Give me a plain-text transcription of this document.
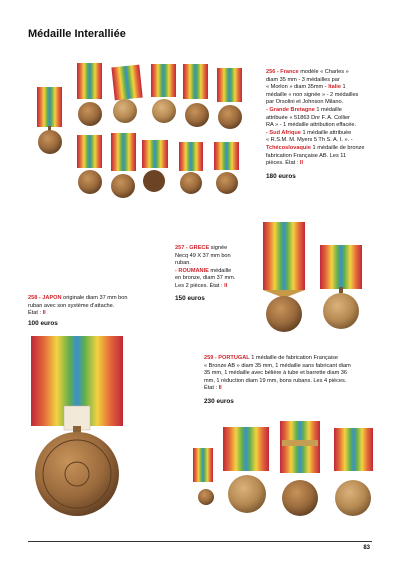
Médaille Interalliée
256 - France modèle « Charles »
diam 35 mm - 3 médailles par
« Morlon » diam 35mm - Italie 1
médaille « non signée » - 2 médailles
par Orsolini et Johnson Milano.
- Grande Bretagne 1 médaille
attribuée « 51863 Dnr F. A. Collier
RA » - 1 médaille attribution effacée.
- Sud Afrique 1 médaille attribuée
« R.S.M. M. Myers 5 Th S. A. I. ». -
Tchécoslovaquie 1 médaille de bronze
fabrication Française AB. Les 11
pièces. État : II
180 euros
257 - GRECE signée
Necq 49 X 37 mm bon
ruban.
- ROUMANIE médaille
en bronze, diam 37 mm.
Les 2 pièces. État : II
150 euros
258 - JAPON originale diam 37 mm bon
ruban avec son système d'attache.
État : II
100 euros
259 - PORTUGAL 1 médaille de fabrication Française
« Bronze AB » diam 35 mm, 1 médaille sans fabricant diam
35 mm, 1 médaille avec bélière à tube et barrette diam 36
mm, 1 réduction diam 19 mm, bons rubans. Les 4 pièces.
État : II
230 euros
83
